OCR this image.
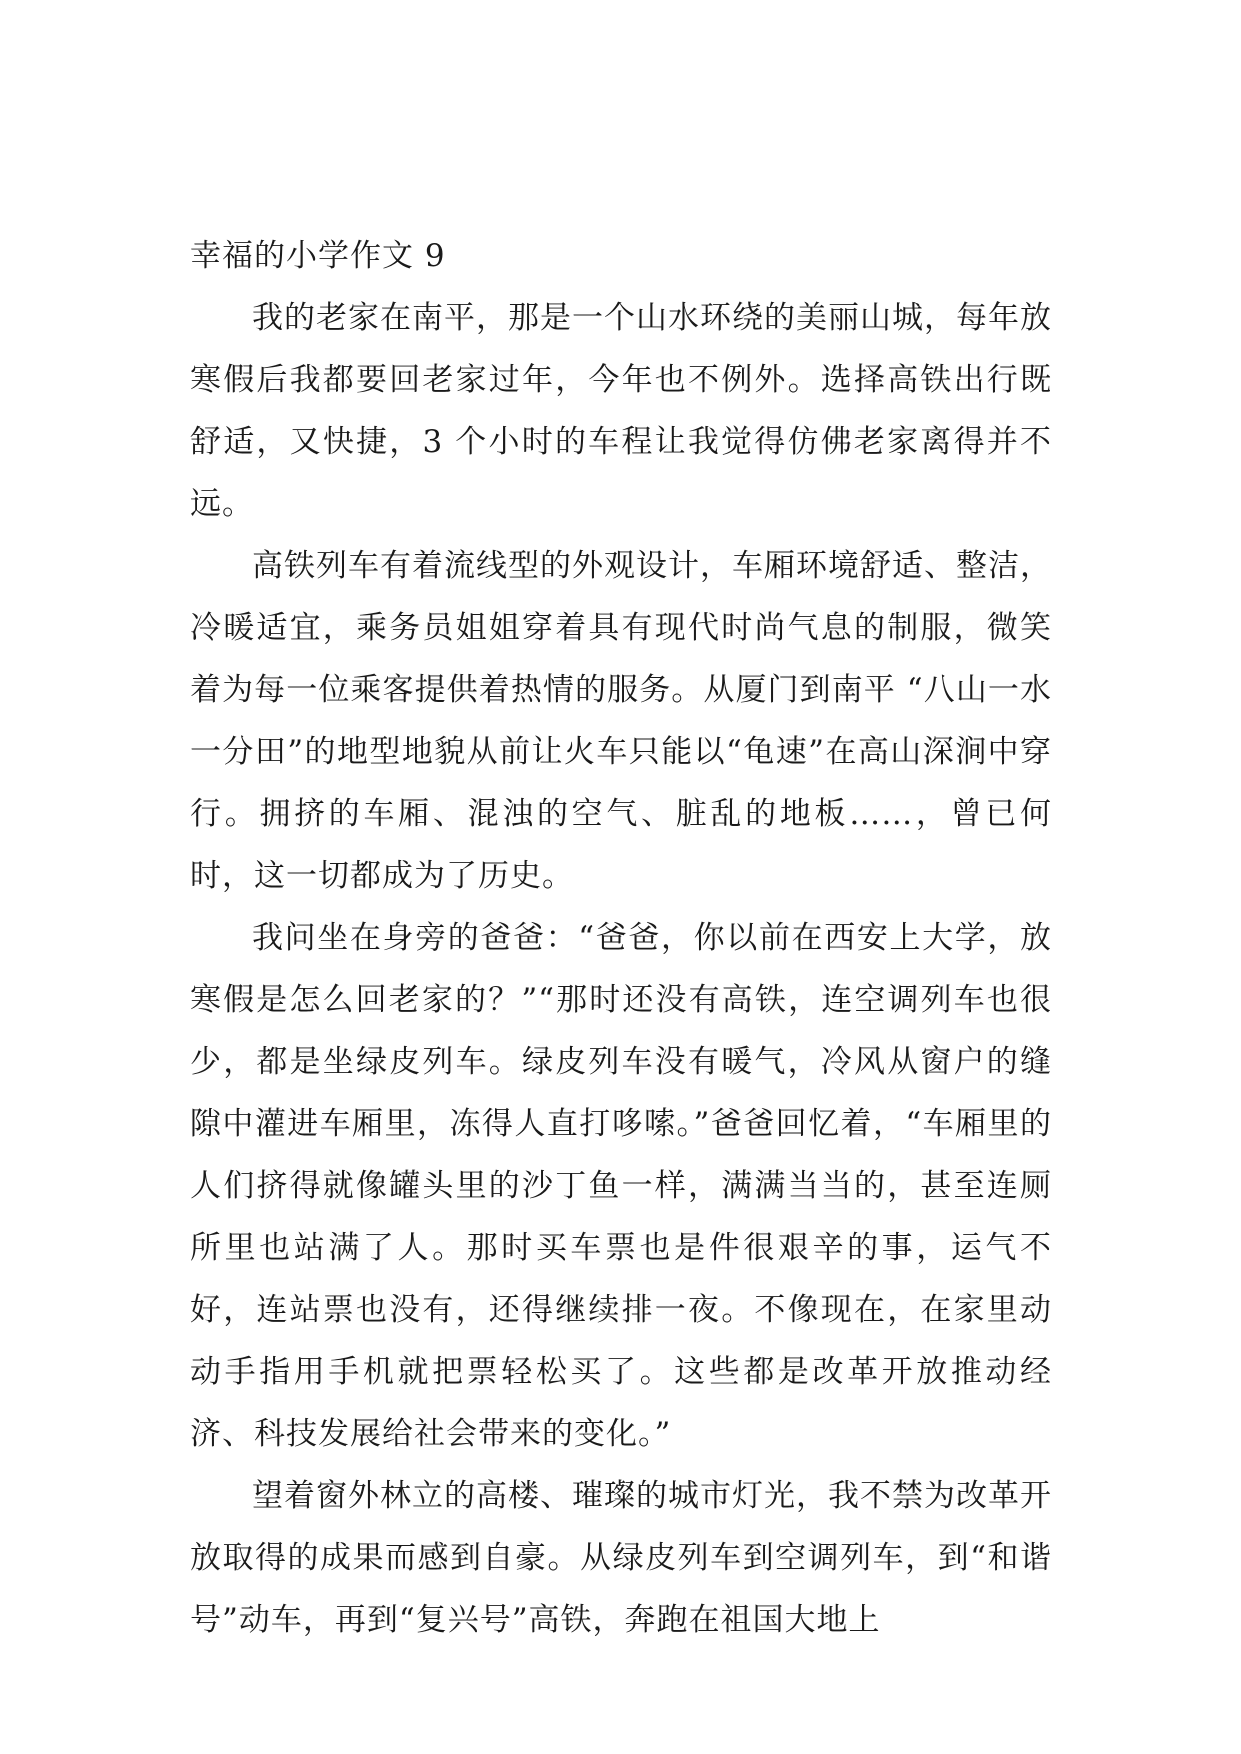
幸福的小学作文 9

我的老家在南平，那是一个山水环绕的美丽山城，每年放寒假后我都要回老家过年，今年也不例外。选择高铁出行既舒适，又快捷，3 个小时的车程让我觉得仿佛老家离得并不远。

高铁列车有着流线型的外观设计，车厢环境舒适、整洁，冷暖适宜，乘务员姐姐穿着具有现代时尚气息的制服，微笑着为每一位乘客提供着热情的服务。从厦门到南平 “八山一水一分田”的地型地貌从前让火车只能以“龟速”在高山深涧中穿行。拥挤的车厢、混浊的空气、脏乱的地板……，曾已何时，这一切都成为了历史。

我问坐在身旁的爸爸：“爸爸，你以前在西安上大学，放寒假是怎么回老家的？”“那时还没有高铁，连空调列车也很少，都是坐绿皮列车。绿皮列车没有暖气，冷风从窗户的缝隙中灌进车厢里，冻得人直打哆嗦。”爸爸回忆着，“车厢里的人们挤得就像罐头里的沙丁鱼一样，满满当当的，甚至连厕所里也站满了人。那时买车票也是件很艰辛的事，运气不好，连站票也没有，还得继续排一夜。不像现在，在家里动动手指用手机就把票轻松买了。这些都是改革开放推动经济、科技发展给社会带来的变化。”

望着窗外林立的高楼、璀璨的城市灯光，我不禁为改革开放取得的成果而感到自豪。从绿皮列车到空调列车，到“和谐号”动车，再到“复兴号”高铁，奔跑在祖国大地上
